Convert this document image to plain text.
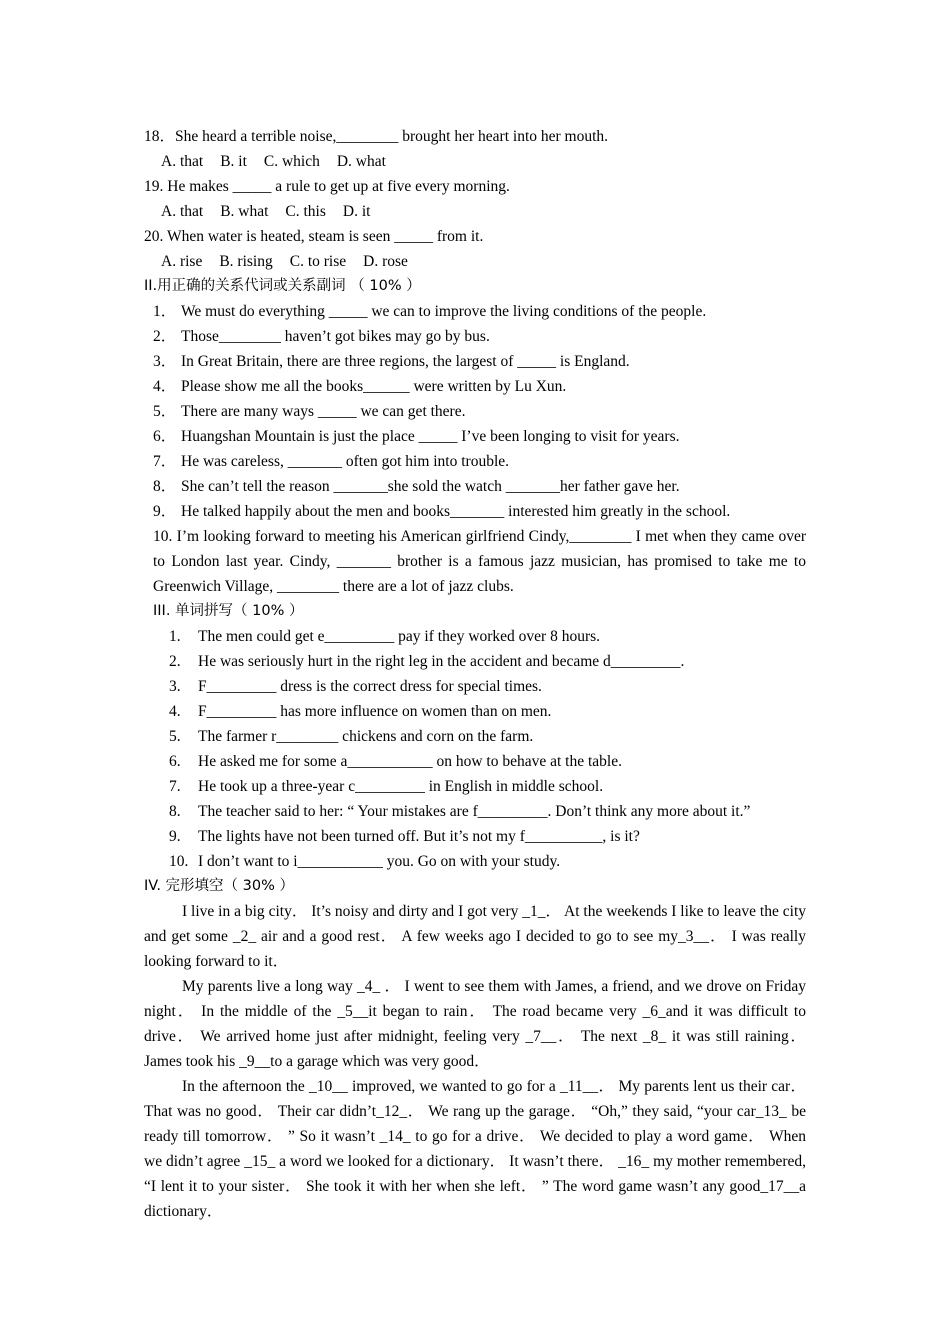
18．She heard a terrible noise,________ brought her heart into her mouth.
A. that B. it C. which D. what
19. He makes _____ a rule to get up at five every morning.
A. that B. what C. this D. it
20. When water is heated, steam is seen _____ from it.
A. rise B. rising C. to rise D. rose
II.用正确的关系代词或关系副词 （ 10% ）
1． We must do everything _____ we can to improve the living conditions of the people.
2． Those________ haven’t got bikes may go by bus.
3． In Great Britain, there are three regions, the largest of _____ is England.
4． Please show me all the books______ were written by Lu Xun.
5． There are many ways _____ we can get there.
6． Huangshan Mountain is just the place _____ I’ve been longing to visit for years.
7． He was careless, _______ often got him into trouble.
8． She can’t tell the reason _______she sold the watch _______her father gave her.
9． He talked happily about the men and books_______ interested him greatly in the school.
10. I’m looking forward to meeting his American girlfriend Cindy,________ I met when they came over to London last year. Cindy, _______ brother is a famous jazz musician, has promised to take me to Greenwich Village, ________ there are a lot of jazz clubs.
III. 单词拼写（ 10% ）
1. The men could get e_________ pay if they worked over 8 hours.
2. He was seriously hurt in the right leg in the accident and became d_________.
3. F_________ dress is the correct dress for special times.
4. F_________ has more influence on women than on men.
5. The farmer r________ chickens and corn on the farm.
6. He asked me for some a___________ on how to behave at the table.
7. He took up a three-year c_________ in English in middle school.
8. The teacher said to her: “ Your mistakes are f_________. Don’t think any more about it.”
9. The lights have not been turned off. But it’s not my f__________, is it?
10. I don’t want to i___________ you. Go on with your study.
IV. 完形填空（ 30% ）

I live in a big city． It’s noisy and dirty and I got very _1_． At the weekends I like to leave the city and get some _2_ air and a good rest． A few weeks ago I decided to go to see my_3__． I was really looking forward to it．

My parents live a long way _4_ ． I went to see them with James, a friend, and we drove on Friday night． In the middle of the _5__it began to rain． The road became very _6_and it was difficult to drive． We arrived home just after midnight, feeling very _7__． The next _8_ it was still raining． James took his _9__to a garage which was very good．

In the afternoon the _10__ improved, we wanted to go for a _11__． My parents lent us their car． That was no good． Their car didn’t_12_． We rang up the garage． “Oh,” they said, “your car_13_ be ready till tomorrow． ” So it wasn’t _14_ to go for a drive． We decided to play a word game． When we didn’t agree _15_ a word we looked for a dictionary． It wasn’t there． _16_ my mother remembered, “I lent it to your sister． She took it with her when she left． ” The word game wasn’t any good_17__a dictionary．
